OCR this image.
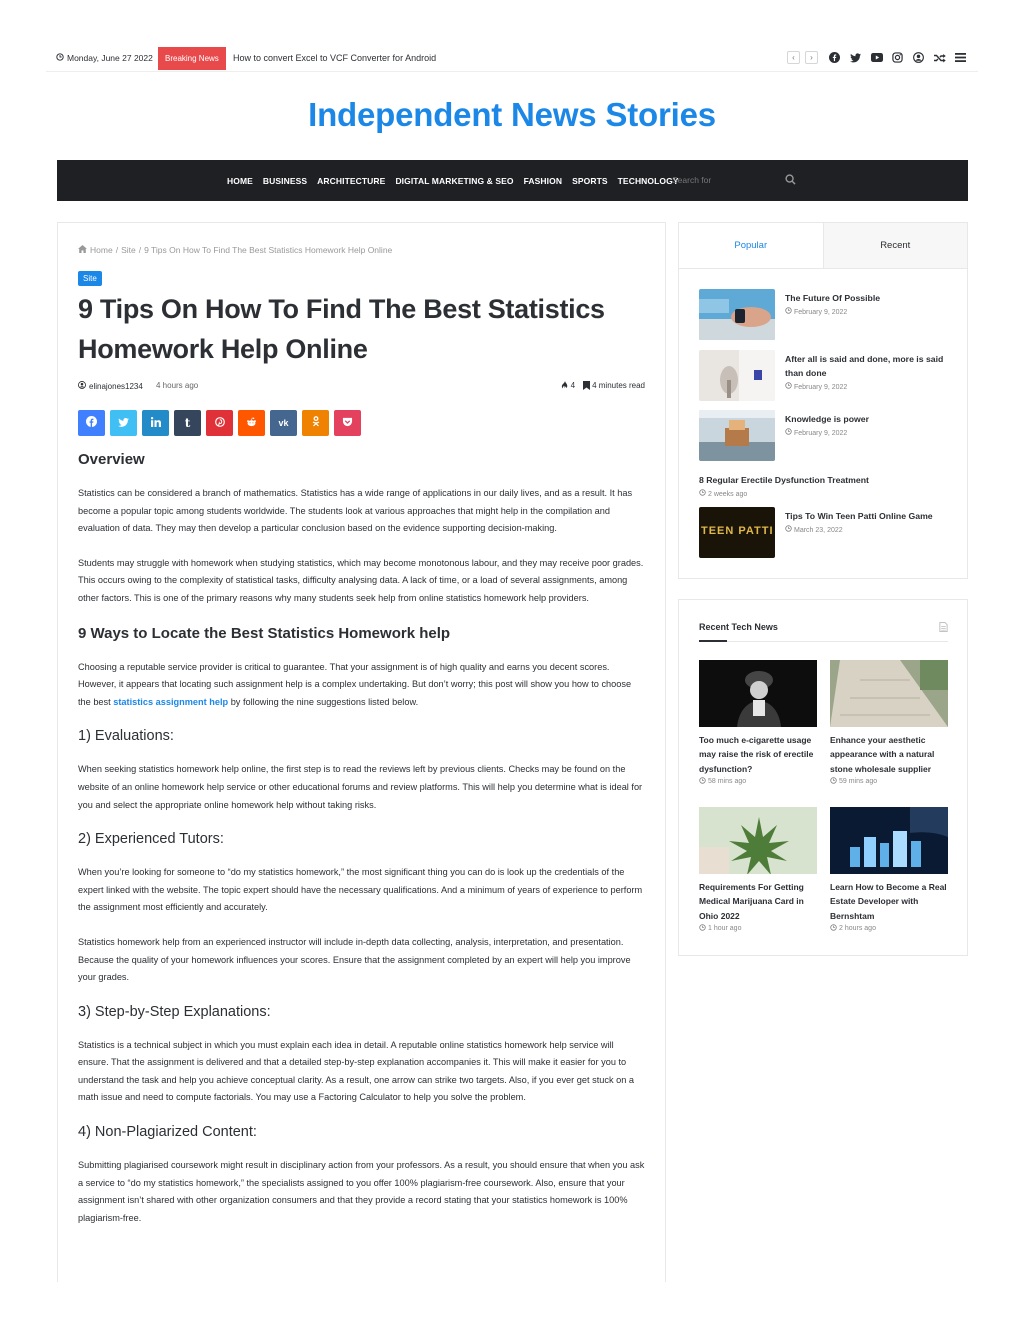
Monday, June 27 2022	Breaking News	How to convert Excel to VCF Converter for Android	‹	›
Independent News Stories
HOME BUSINESS ARCHITECTURE DIGITAL MARKETING & SEO FASHION SPORTS TECHNOLOGY
Search for
Home / Site / 9 Tips On How To Find The Best Statistics Homework Help Online
Site
9 Tips On How To Find The Best Statistics Homework Help Online
elinajones1234 4 hours ago	4 4 minutes read
t	vk
Overview

Statistics can be considered a branch of mathematics. Statistics has a wide range of applications in our daily lives, and as a result. It has become a popular topic among students worldwide. The students look at various approaches that might help in the compilation and evaluation of data. They may then develop a particular conclusion based on the evidence supporting decision-making.

Students may struggle with homework when studying statistics, which may become monotonous labour, and they may receive poor grades. This occurs owing to the complexity of statistical tasks, difficulty analysing data. A lack of time, or a load of several assignments, among other factors. This is one of the primary reasons why many students seek help from online statistics homework help providers.

9 Ways to Locate the Best Statistics Homework help

Choosing a reputable service provider is critical to guarantee. That your assignment is of high quality and earns you decent scores. However, it appears that locating such assignment help is a complex undertaking. But don’t worry; this post will show you how to choose the best statistics assignment help by following the nine suggestions listed below.

1) Evaluations:

When seeking statistics homework help online, the first step is to read the reviews left by previous clients. Checks may be found on the website of an online homework help service or other educational forums and review platforms. This will help you determine what is ideal for you and select the appropriate online homework help without taking risks.

2) Experienced Tutors:

When you’re looking for someone to “do my statistics homework,” the most significant thing you can do is look up the credentials of the expert linked with the website. The topic expert should have the necessary qualifications. And a minimum of years of experience to perform the assignment most efficiently and accurately.

Statistics homework help from an experienced instructor will include in-depth data collecting, analysis, interpretation, and presentation. Because the quality of your homework influences your scores. Ensure that the assignment completed by an expert will help you improve your grades.

3) Step-by-Step Explanations:

Statistics is a technical subject in which you must explain each idea in detail. A reputable online statistics homework help service will ensure. That the assignment is delivered and that a detailed step-by-step explanation accompanies it. This will make it easier for you to understand the task and help you achieve conceptual clarity. As a result, one arrow can strike two targets. Also, if you ever get stuck on a math issue and need to compute factorials. You may use a Factoring Calculator to help you solve the problem.

4) Non-Plagiarized Content:

Submitting plagiarised coursework might result in disciplinary action from your professors. As a result, you should ensure that when you ask a service to “do my statistics homework,” the specialists assigned to you offer 100% plagiarism-free coursework. Also, ensure that your assignment isn’t shared with other organization consumers and that they provide a record stating that your statistics homework is 100% plagiarism-free.

Popular	Recent
The Future Of Possible
February 9, 2022
After all is said and done, more is said than done
February 9, 2022
Knowledge is power
February 9, 2022
8 Regular Erectile Dysfunction Treatment
2 weeks ago
TEEN PATTI
Tips To Win Teen Patti Online Game
March 23, 2022
Recent Tech News
Too much e-cigarette usage may raise the risk of erectile dysfunction?
58 mins ago
Enhance your aesthetic appearance with a natural stone wholesale supplier
59 mins ago
Requirements For Getting Medical Marijuana Card in Ohio 2022
1 hour ago
Learn How to Become a Real Estate Developer with Bernshtam
2 hours ago
